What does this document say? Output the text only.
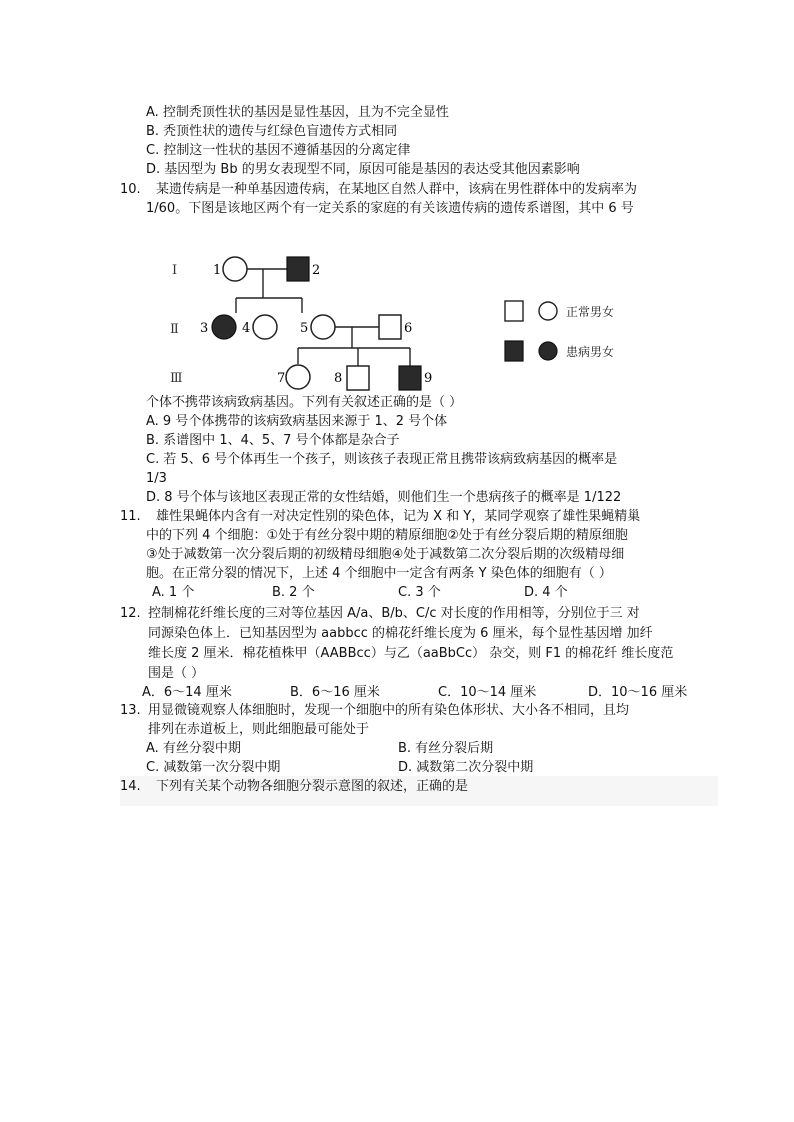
A. 控制秃顶性状的基因是显性基因，且为不完全显性
B. 秃顶性状的遗传与红绿色盲遗传方式相同
C. 控制这一性状的基因不遵循基因的分离定律
D. 基因型为 Bb 的男女表现型不同，原因可能是基因的表达受其他因素影响
10. 某遗传病是一种单基因遗传病，在某地区自然人群中，该病在男性群体中的发病率为
1/60。下图是该地区两个有一定关系的家庭的有关该遗传病的遗传系谱图，其中 6 号
Ⅰ
Ⅱ
Ⅲ
1	2
3	4	5	6
7	8	9
正常男女
患病男女
个体不携带该病致病基因。下列有关叙述正确的是（ ）
A. 9 号个体携带的该病致病基因来源于 1、2 号个体
B. 系谱图中 1、4、5、7 号个体都是杂合子
C. 若 5、6 号个体再生一个孩子，则该孩子表现正常且携带该病致病基因的概率是
1/3
D. 8 号个体与该地区表现正常的女性结婚，则他们生一个患病孩子的概率是 1/122
11. 雄性果蝇体内含有一对决定性别的染色体，记为 X 和 Y，某同学观察了雄性果蝇精巢
中的下列 4 个细胞：①处于有丝分裂中期的精原细胞②处于有丝分裂后期的精原细胞
③处于减数第一次分裂后期的初级精母细胞④处于减数第二次分裂后期的次级精母细
胞。在正常分裂的情况下，上述 4 个细胞中一定含有两条 Y 染色体的细胞有（ ）
A. 1 个	B. 2 个	C. 3 个	D. 4 个
12. 控制棉花纤维长度的三对等位基因 A/a、B/b、C/c 对长度的作用相等，分别位于三 对
同源染色体上．已知基因型为 aabbcc 的棉花纤维长度为 6 厘米，每个显性基因增 加纤
维长度 2 厘米．棉花植株甲（AABBcc）与乙（aaBbCc） 杂交，则 F1 的棉花纤 维长度范
围是（ ）
A．6～14 厘米	B．6～16 厘米	C．10～14 厘米	D．10～16 厘米
13. 用显微镜观察人体细胞时，发现一个细胞中的所有染色体形状、大小各不相同，且均
排列在赤道板上，则此细胞最可能处于
A. 有丝分裂中期	B. 有丝分裂后期
C. 减数第一次分裂中期	D. 减数第二次分裂中期
14. 下列有关某个动物各细胞分裂示意图的叙述，正确的是
